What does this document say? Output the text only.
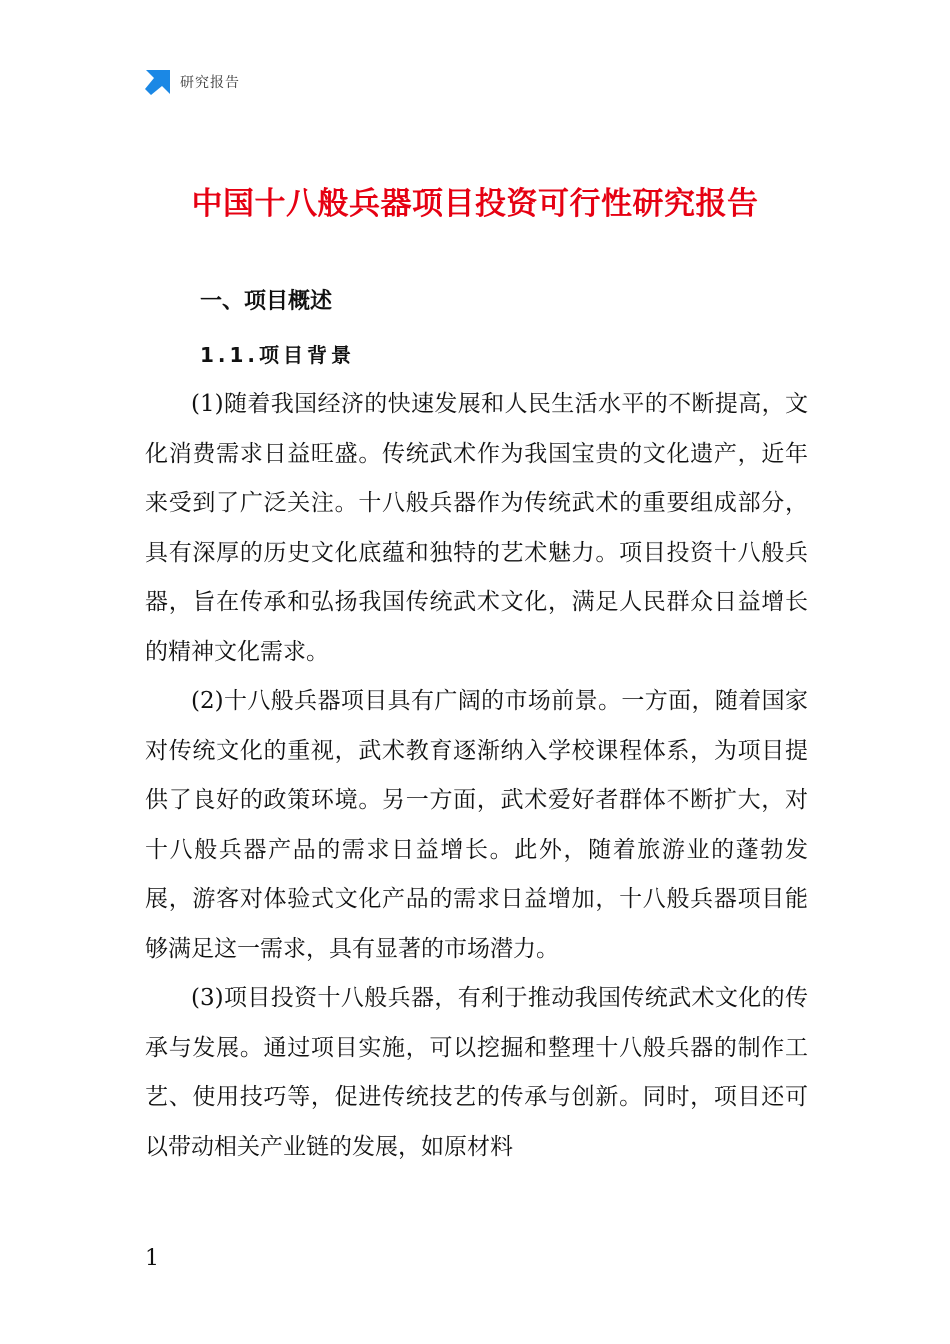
研究报告
中国十八般兵器项目投资可行性研究报告
一、项目概述
1.1.项目背景

(1)随着我国经济的快速发展和人民生活水平的不断提高，文化消费需求日益旺盛。传统武术作为我国宝贵的文化遗产，近年来受到了广泛关注。十八般兵器作为传统武术的重要组成部分，具有深厚的历史文化底蕴和独特的艺术魅力。项目投资十八般兵器，旨在传承和弘扬我国传统武术文化，满足人民群众日益增长的精神文化需求。

(2)十八般兵器项目具有广阔的市场前景。一方面，随着国家对传统文化的重视，武术教育逐渐纳入学校课程体系，为项目提供了良好的政策环境。另一方面，武术爱好者群体不断扩大，对十八般兵器产品的需求日益增长。此外，随着旅游业的蓬勃发展，游客对体验式文化产品的需求日益增加，十八般兵器项目能够满足这一需求，具有显著的市场潜力。

(3)项目投资十八般兵器，有利于推动我国传统武术文化的传承与发展。通过项目实施，可以挖掘和整理十八般兵器的制作工艺、使用技巧等，促进传统技艺的传承与创新。同时，项目还可以带动相关产业链的发展，如原材料

1
